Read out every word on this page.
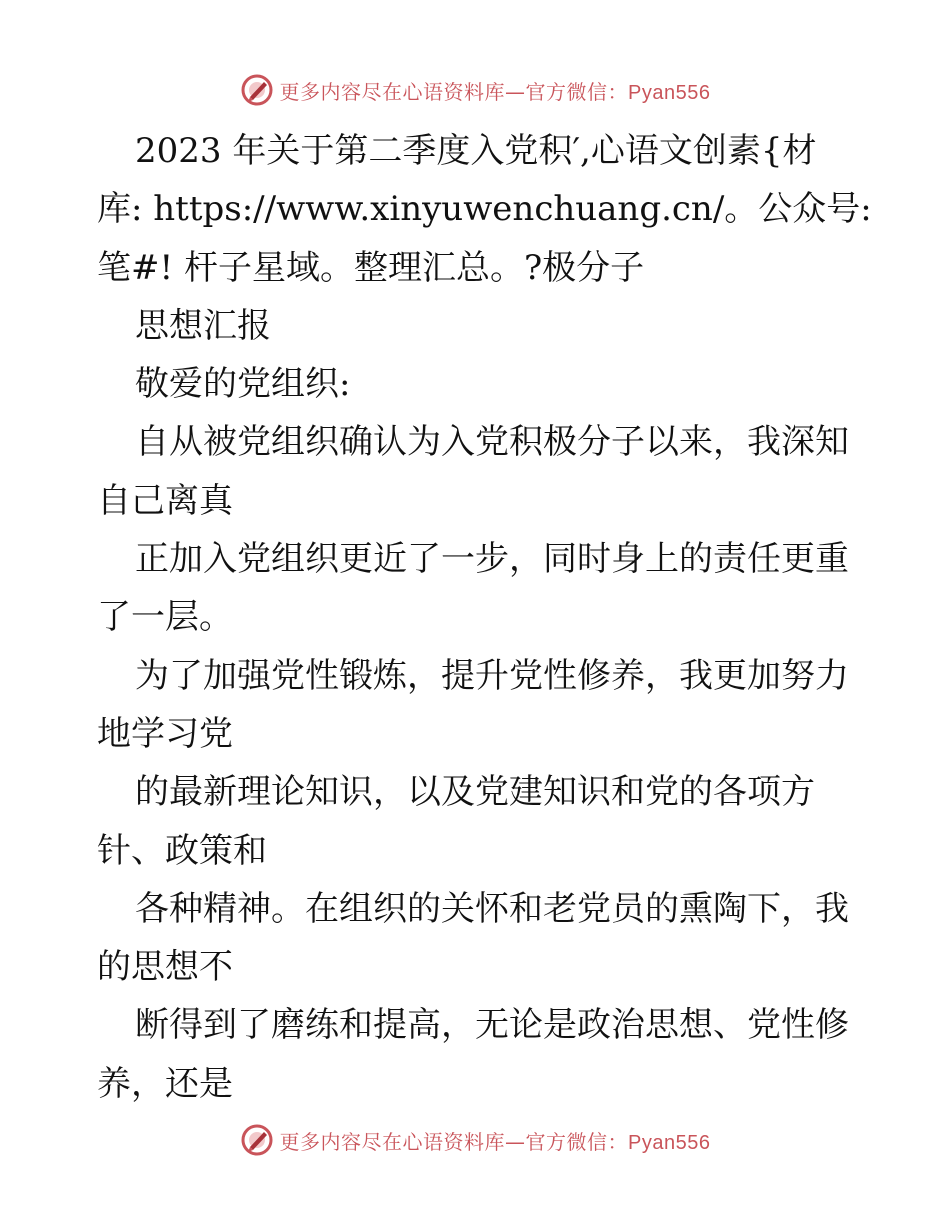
更多内容尽在心语资料库—官方微信：Pyan556
2023 年关于第二季度入党积′,心语文创素{材
库: https://www.xinyuwenchuang.cn/。公众号:
笔#! 杆子星域。整理汇总。?极分子
思想汇报
敬爱的党组织:
自从被党组织确认为入党积极分子以来，我深知
自己离真
正加入党组织更近了一步，同时身上的责任更重
了一层。
为了加强党性锻炼，提升党性修养，我更加努力
地学习党
的最新理论知识，以及党建知识和党的各项方
针、政策和
各种精神。在组织的关怀和老党员的熏陶下，我
的思想不
断得到了磨练和提高，无论是政治思想、党性修
养，还是
更多内容尽在心语资料库—官方微信：Pyan556
